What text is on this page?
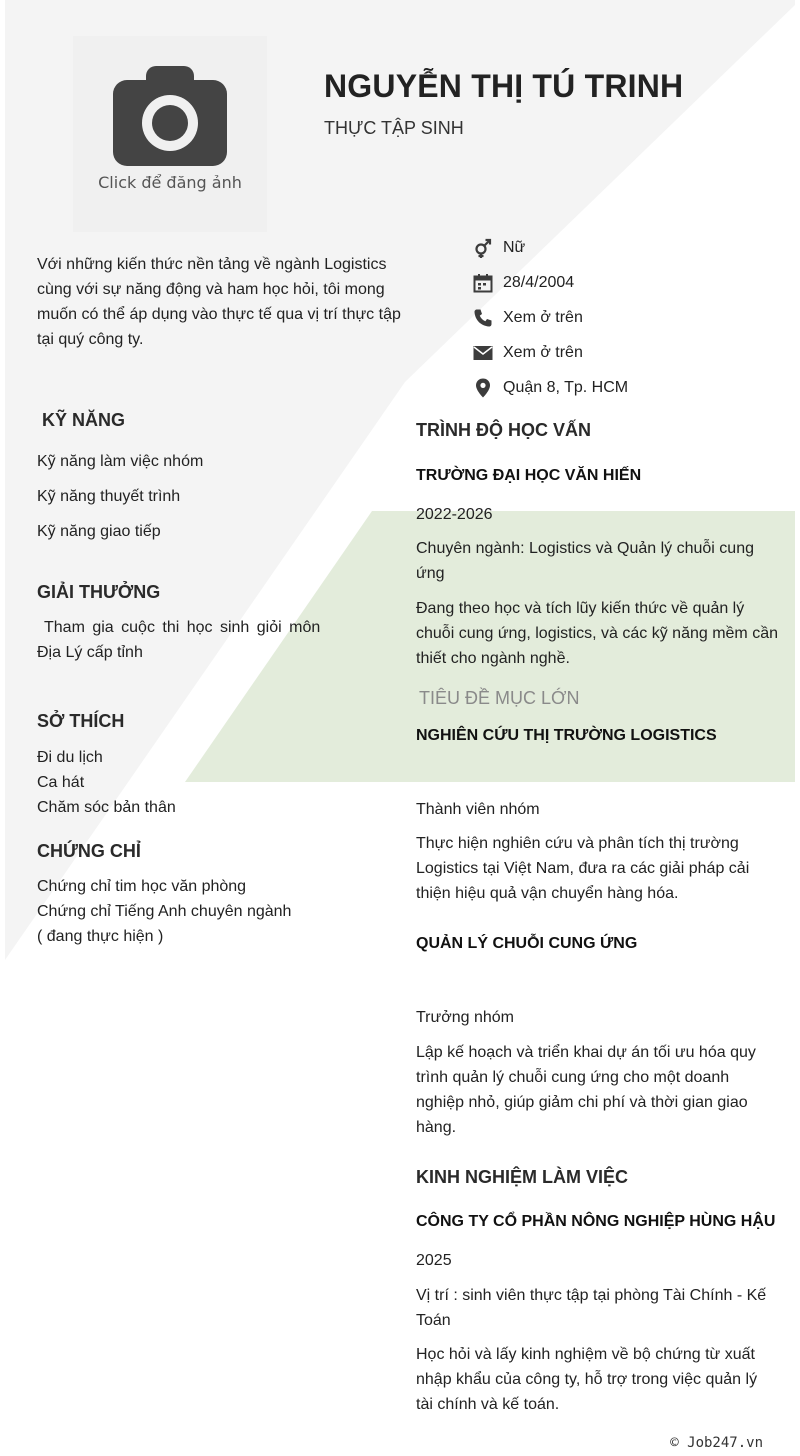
Click để đăng ảnh
NGUYỄN THỊ TÚ TRINH
THỰC TẬP SINH
Với những kiến thức nền tảng về ngành Logistics cùng với sự năng động và ham học hỏi, tôi mong muốn có thể áp dụng vào thực tế qua vị trí thực tập tại quý công ty.
Nữ
28/4/2004
Xem ở trên
Xem ở trên
Quận 8, Tp. HCM
KỸ NĂNG
Kỹ năng làm việc nhóm
Kỹ năng thuyết trình
Kỹ năng giao tiếp
GIẢI THƯỞNG
Tham gia cuộc thi học sinh giỏi môn
Địa Lý cấp tỉnh
SỞ THÍCH
Đi du lịch
Ca hát
Chăm sóc bản thân
CHỨNG CHỈ
Chứng chỉ tim học văn phòng
Chứng chỉ Tiếng Anh chuyên ngành
( đang thực hiện )
TRÌNH ĐỘ HỌC VẤN
TRƯỜNG ĐẠI HỌC VĂN HIẾN
2022-2026
Chuyên ngành: Logistics và Quản lý chuỗi cung ứng
Đang theo học và tích lũy kiến thức về quản lý chuỗi cung ứng, logistics, và các kỹ năng mềm cần thiết cho ngành nghề.
TIÊU ĐỀ MỤC LỚN
NGHIÊN CỨU THỊ TRƯỜNG LOGISTICS
Thành viên nhóm
Thực hiện nghiên cứu và phân tích thị trường Logistics tại Việt Nam, đưa ra các giải pháp cải thiện hiệu quả vận chuyển hàng hóa.
QUẢN LÝ CHUỖI CUNG ỨNG
Trưởng nhóm
Lập kế hoạch và triển khai dự án tối ưu hóa quy trình quản lý chuỗi cung ứng cho một doanh nghiệp nhỏ, giúp giảm chi phí và thời gian giao hàng.
KINH NGHIỆM LÀM VIỆC
CÔNG TY CỔ PHẦN NÔNG NGHIỆP HÙNG HẬU
2025
Vị trí : sinh viên thực tập tại phòng Tài Chính - Kế Toán
Học hỏi và lấy kinh nghiệm về bộ chứng từ xuất nhập khẩu của công ty, hỗ trợ trong việc quản lý tài chính và kế toán.
© Job247.vn
